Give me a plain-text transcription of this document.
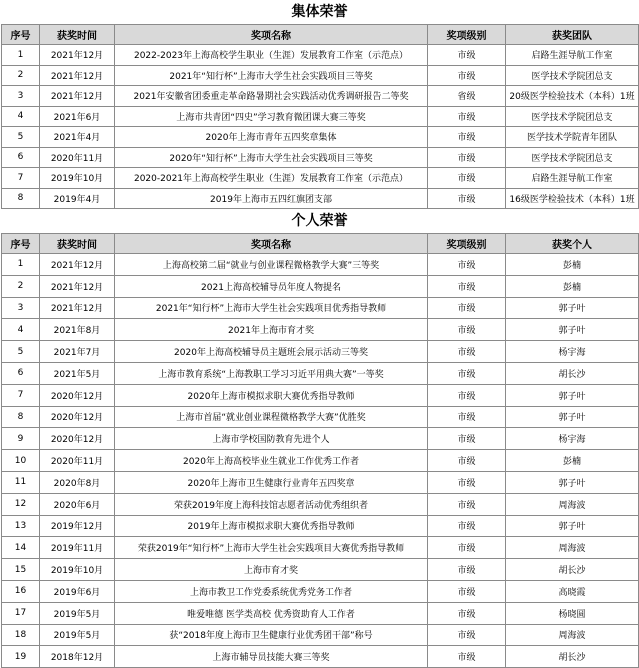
集体荣誉
序号	获奖时间	奖项名称	奖项级别	获奖团队
1	2021年12月	2022-2023年上海高校学生职业（生涯）发展教育工作室（示范点）	市级	启路生涯导航工作室
2	2021年12月	2021年“知行杯”上海市大学生社会实践项目三等奖	市级	医学技术学院团总支
3	2021年12月	2021年安徽省团委重走革命路暑期社会实践活动优秀调研报告二等奖	省级	20级医学检验技术（本科）1班
4	2021年6月	上海市共青团“四史”学习教育微团课大赛三等奖	市级	医学技术学院团总支
5	2021年4月	2020年上海市青年五四奖章集体	市级	医学技术学院青年团队
6	2020年11月	2020年“知行杯”上海市大学生社会实践项目三等奖	市级	医学技术学院团总支
7	2019年10月	2020-2021年上海高校学生职业（生涯）发展教育工作室（示范点）	市级	启路生涯导航工作室
8	2019年4月	2019年上海市五四红旗团支部	市级	16级医学检验技术（本科）1班
个人荣誉
序号	获奖时间	奖项名称	奖项级别	获奖个人
1	2021年12月	上海高校第二届“就业与创业课程微格教学大赛”三等奖	市级	彭楠
2	2021年12月	2021上海高校辅导员年度人物提名	市级	彭楠
3	2021年12月	2021年“知行杯”上海市大学生社会实践项目优秀指导教师	市级	郭子叶
4	2021年8月	2021年上海市育才奖	市级	郭子叶
5	2021年7月	2020年上海高校辅导员主题班会展示活动三等奖	市级	杨宇海
6	2021年5月	上海市教育系统“上海教职工学习习近平用典大赛”一等奖	市级	胡长沙
7	2020年12月	2020年上海市模拟求职大赛优秀指导教师	市级	郭子叶
8	2020年12月	上海市首届“就业创业课程微格教学大赛”优胜奖	市级	郭子叶
9	2020年12月	上海市学校国防教育先进个人	市级	杨宇海
10	2020年11月	2020年上海高校毕业生就业工作优秀工作者	市级	彭楠
11	2020年8月	2020年上海市卫生健康行业青年五四奖章	市级	郭子叶
12	2020年6月	荣获2019年度上海科技馆志愿者活动优秀组织者	市级	周海波
13	2019年12月	2019年上海市模拟求职大赛优秀指导教师	市级	郭子叶
14	2019年11月	荣获2019年“知行杯”上海市大学生社会实践项目大赛优秀指导教师	市级	周海波
15	2019年10月	上海市育才奖	市级	胡长沙
16	2019年6月	上海市教卫工作党委系统优秀党务工作者	市级	高晓霞
17	2019年5月	唯爱唯德 医学类高校 优秀资助育人工作者	市级	杨晓圆
18	2019年5月	获“2018年度上海市卫生健康行业优秀团干部”称号	市级	周海波
19	2018年12月	上海市辅导员技能大赛三等奖	市级	胡长沙
